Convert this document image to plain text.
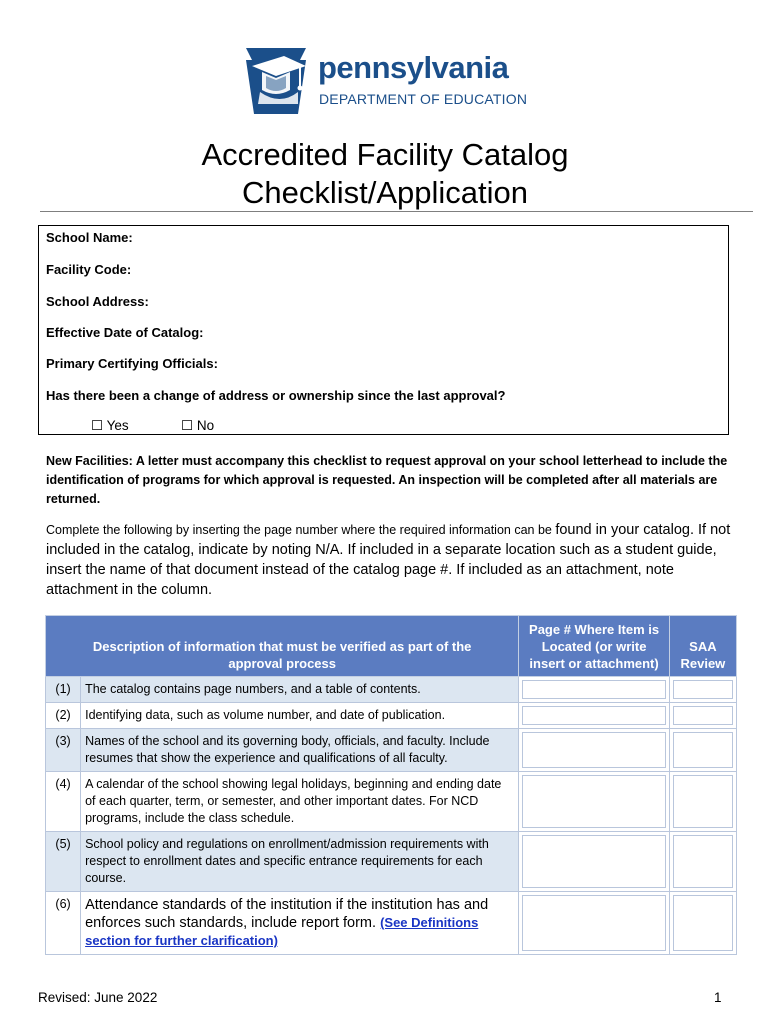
pennsylvania
DEPARTMENT OF EDUCATION
Accredited Facility Catalog
Checklist/Application
School Name:
Facility Code:
School Address:
Effective Date of Catalog:
Primary Certifying Officials:
Has there been a change of address or ownership since the last approval?
☐ Yes	☐ No
New Facilities: A letter must accompany this checklist to request approval on your school letterhead to include the identification of programs for which approval is requested. An inspection will be completed after all materials are returned.
Complete the following by inserting the page number where the required information can be found in your catalog. If not included in the catalog, indicate by noting N/A. If included in a separate location such as a student guide, insert the name of that document instead of the catalog page #. If included as an attachment, note attachment in the column.
Description of information that must be verified as part of the approval process		Page # Where Item is Located (or write insert or attachment)	SAA Review
(1)	The catalog contains page numbers, and a table of contents.	

(2)	Identifying data, such as volume number, and date of publication.	

(3)	Names of the school and its governing body, officials, and faculty. Include resumes that show the experience and qualifications of all faculty.	

(4)	A calendar of the school showing legal holidays, beginning and ending date of each quarter, term, or semester, and other important dates. For NCD programs, include the class schedule.	

(5)	School policy and regulations on enrollment/admission requirements with respect to enrollment dates and specific entrance requirements for each course.	

(6)	Attendance standards of the institution if the institution has and enforces such standards, include report form. (See Definitions section for further clarification)	

Revised: June 2022	1
